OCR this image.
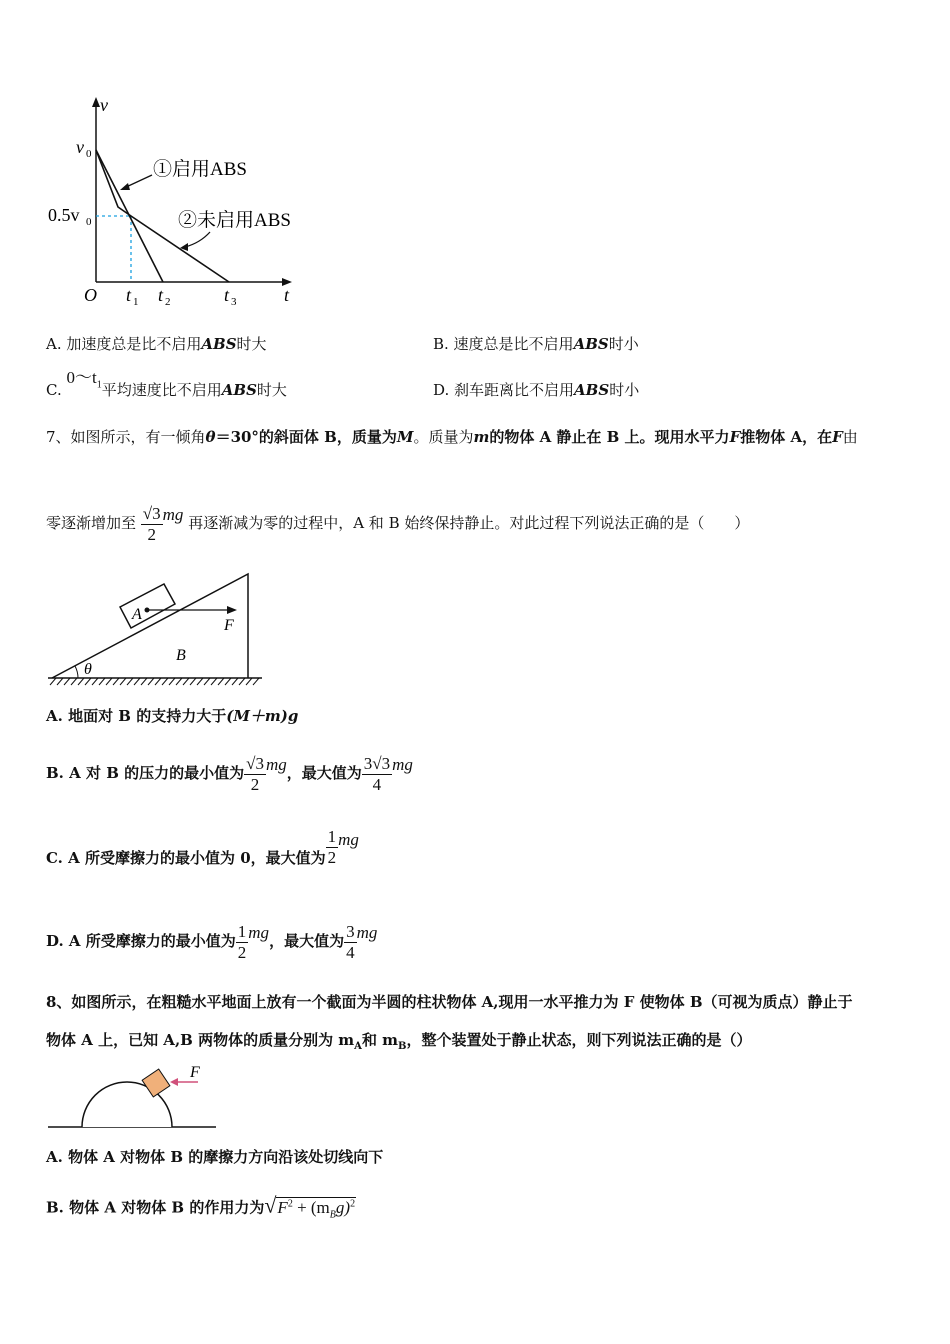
v
t
O
v 0
0.5v 0
t 1 t 2	t 3
①启用ABS
②未启用ABS
A. 加速度总是比不启用ABS时大	B. 速度总是比不启用ABS时小
C. $0\sim t_1$平均速度比不启用ABS时大	D. 刹车距离比不启用ABS时小
7、如图所示，有一倾角θ＝30°的斜面体 B，质量为M。质量为m的物体 A 静止在 B 上。现用水平力F推物体 A，在F由
零逐渐增加至 $\frac{√3}{2}$ mg 再逐渐减为零的过程中，A 和 B 始终保持静止。对此过程下列说法正确的是（　　）
A
B
F
θ
A. 地面对 B 的支持力大于(M＋m)g
B. A 对 B 的压力的最小值为 $\frac{√3}{2}$ mg，最大值为 $\frac{3√3}{4}$ mg
C. A 所受摩擦力的最小值为 0，最大值为 $\frac{1}{2}$ mg
D. A 所受摩擦力的最小值为 $\frac{1}{2}$ mg，最大值为 $\frac{3}{4}$ mg
8、如图所示，在粗糙水平地面上放有一个截面为半圆的柱状物体 A,现用一水平推力为 F 使物体 B（可视为质点）静止于
物体 A 上，已知 A,B 两物体的质量分别为 $m_A$和 $m_B$，整个装置处于静止状态，则下列说法正确的是（）
F
A. 物体 A 对物体 B 的摩擦力方向沿该处切线向下
B. 物体 A 对物体 B 的作用力为$√F^2 + (m_Bg)^2$
